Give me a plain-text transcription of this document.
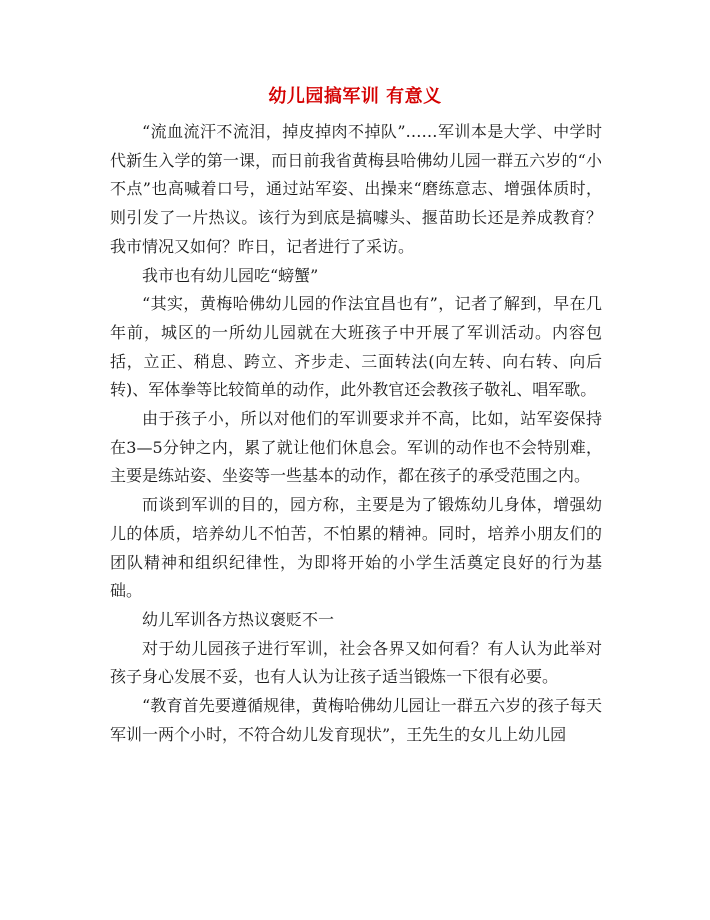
幼儿园搞军训 有意义

“流血流汗不流泪，掉皮掉肉不掉队”……军训本是大学、中学时代新生入学的第一课，而日前我省黄梅县哈佛幼儿园一群五六岁的“小不点”也高喊着口号，通过站军姿、出操来“磨练意志、增强体质时，则引发了一片热议。该行为到底是搞噱头、揠苗助长还是养成教育？我市情况又如何？昨日，记者进行了采访。

我市也有幼儿园吃“螃蟹”

“其实，黄梅哈佛幼儿园的作法宜昌也有”，记者了解到，早在几年前，城区的一所幼儿园就在大班孩子中开展了军训活动。内容包括，立正、稍息、跨立、齐步走、三面转法(向左转、向右转、向后转)、军体拳等比较简单的动作，此外教官还会教孩子敬礼、唱军歌。

由于孩子小，所以对他们的军训要求并不高，比如，站军姿保持在3—5分钟之内，累了就让他们休息会。军训的动作也不会特别难，主要是练站姿、坐姿等一些基本的动作，都在孩子的承受范围之内。

而谈到军训的目的，园方称，主要是为了锻炼幼儿身体，增强幼儿的体质，培养幼儿不怕苦，不怕累的精神。同时，培养小朋友们的团队精神和组织纪律性，为即将开始的小学生活奠定良好的行为基础。

幼儿军训各方热议褒贬不一

对于幼儿园孩子进行军训，社会各界又如何看？有人认为此举对孩子身心发展不妥，也有人认为让孩子适当锻炼一下很有必要。

“教育首先要遵循规律，黄梅哈佛幼儿园让一群五六岁的孩子每天军训一两个小时，不符合幼儿发育现状”，王先生的女儿上幼儿园
